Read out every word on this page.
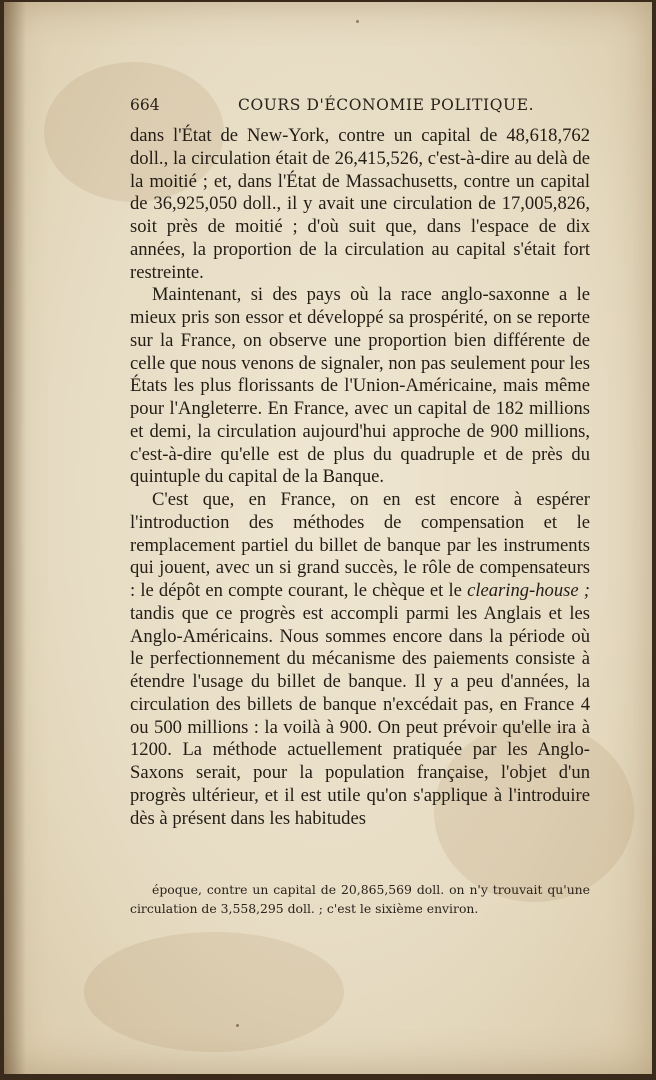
664	COURS D'ÉCONOMIE POLITIQUE.

dans l'État de New-York, contre un capital de 48,618,762 doll., la circulation était de 26,415,526, c'est-à-dire au delà de la moitié ; et, dans l'État de Massachusetts, contre un capital de 36,925,050 doll., il y avait une circulation de 17,005,826, soit près de moitié ; d'où suit que, dans l'espace de dix années, la proportion de la circulation au capital s'était fort restreinte.

Maintenant, si des pays où la race anglo-saxonne a le mieux pris son essor et développé sa prospérité, on se reporte sur la France, on observe une proportion bien différente de celle que nous venons de signaler, non pas seulement pour les États les plus florissants de l'Union-Américaine, mais même pour l'Angleterre. En France, avec un capital de 182 millions et demi, la circulation aujourd'hui approche de 900 millions, c'est-à-dire qu'elle est de plus du quadruple et de près du quintuple du capital de la Banque.

C'est que, en France, on en est encore à espérer l'introduction des méthodes de compensation et le remplacement partiel du billet de banque par les instruments qui jouent, avec un si grand succès, le rôle de compensateurs : le dépôt en compte courant, le chèque et le clearing-house ; tandis que ce progrès est accompli parmi les Anglais et les Anglo-Américains. Nous sommes encore dans la période où le perfectionnement du mécanisme des paiements consiste à étendre l'usage du billet de banque. Il y a peu d'années, la circulation des billets de banque n'excédait pas, en France 4 ou 500 millions : la voilà à 900. On peut prévoir qu'elle ira à 1200. La méthode actuellement pratiquée par les Anglo-Saxons serait, pour la population française, l'objet d'un progrès ultérieur, et il est utile qu'on s'applique à l'introduire dès à présent dans les habitudes

époque, contre un capital de 20,865,569 doll. on n'y trouvait qu'une circulation de 3,558,295 doll. ; c'est le sixième environ.
